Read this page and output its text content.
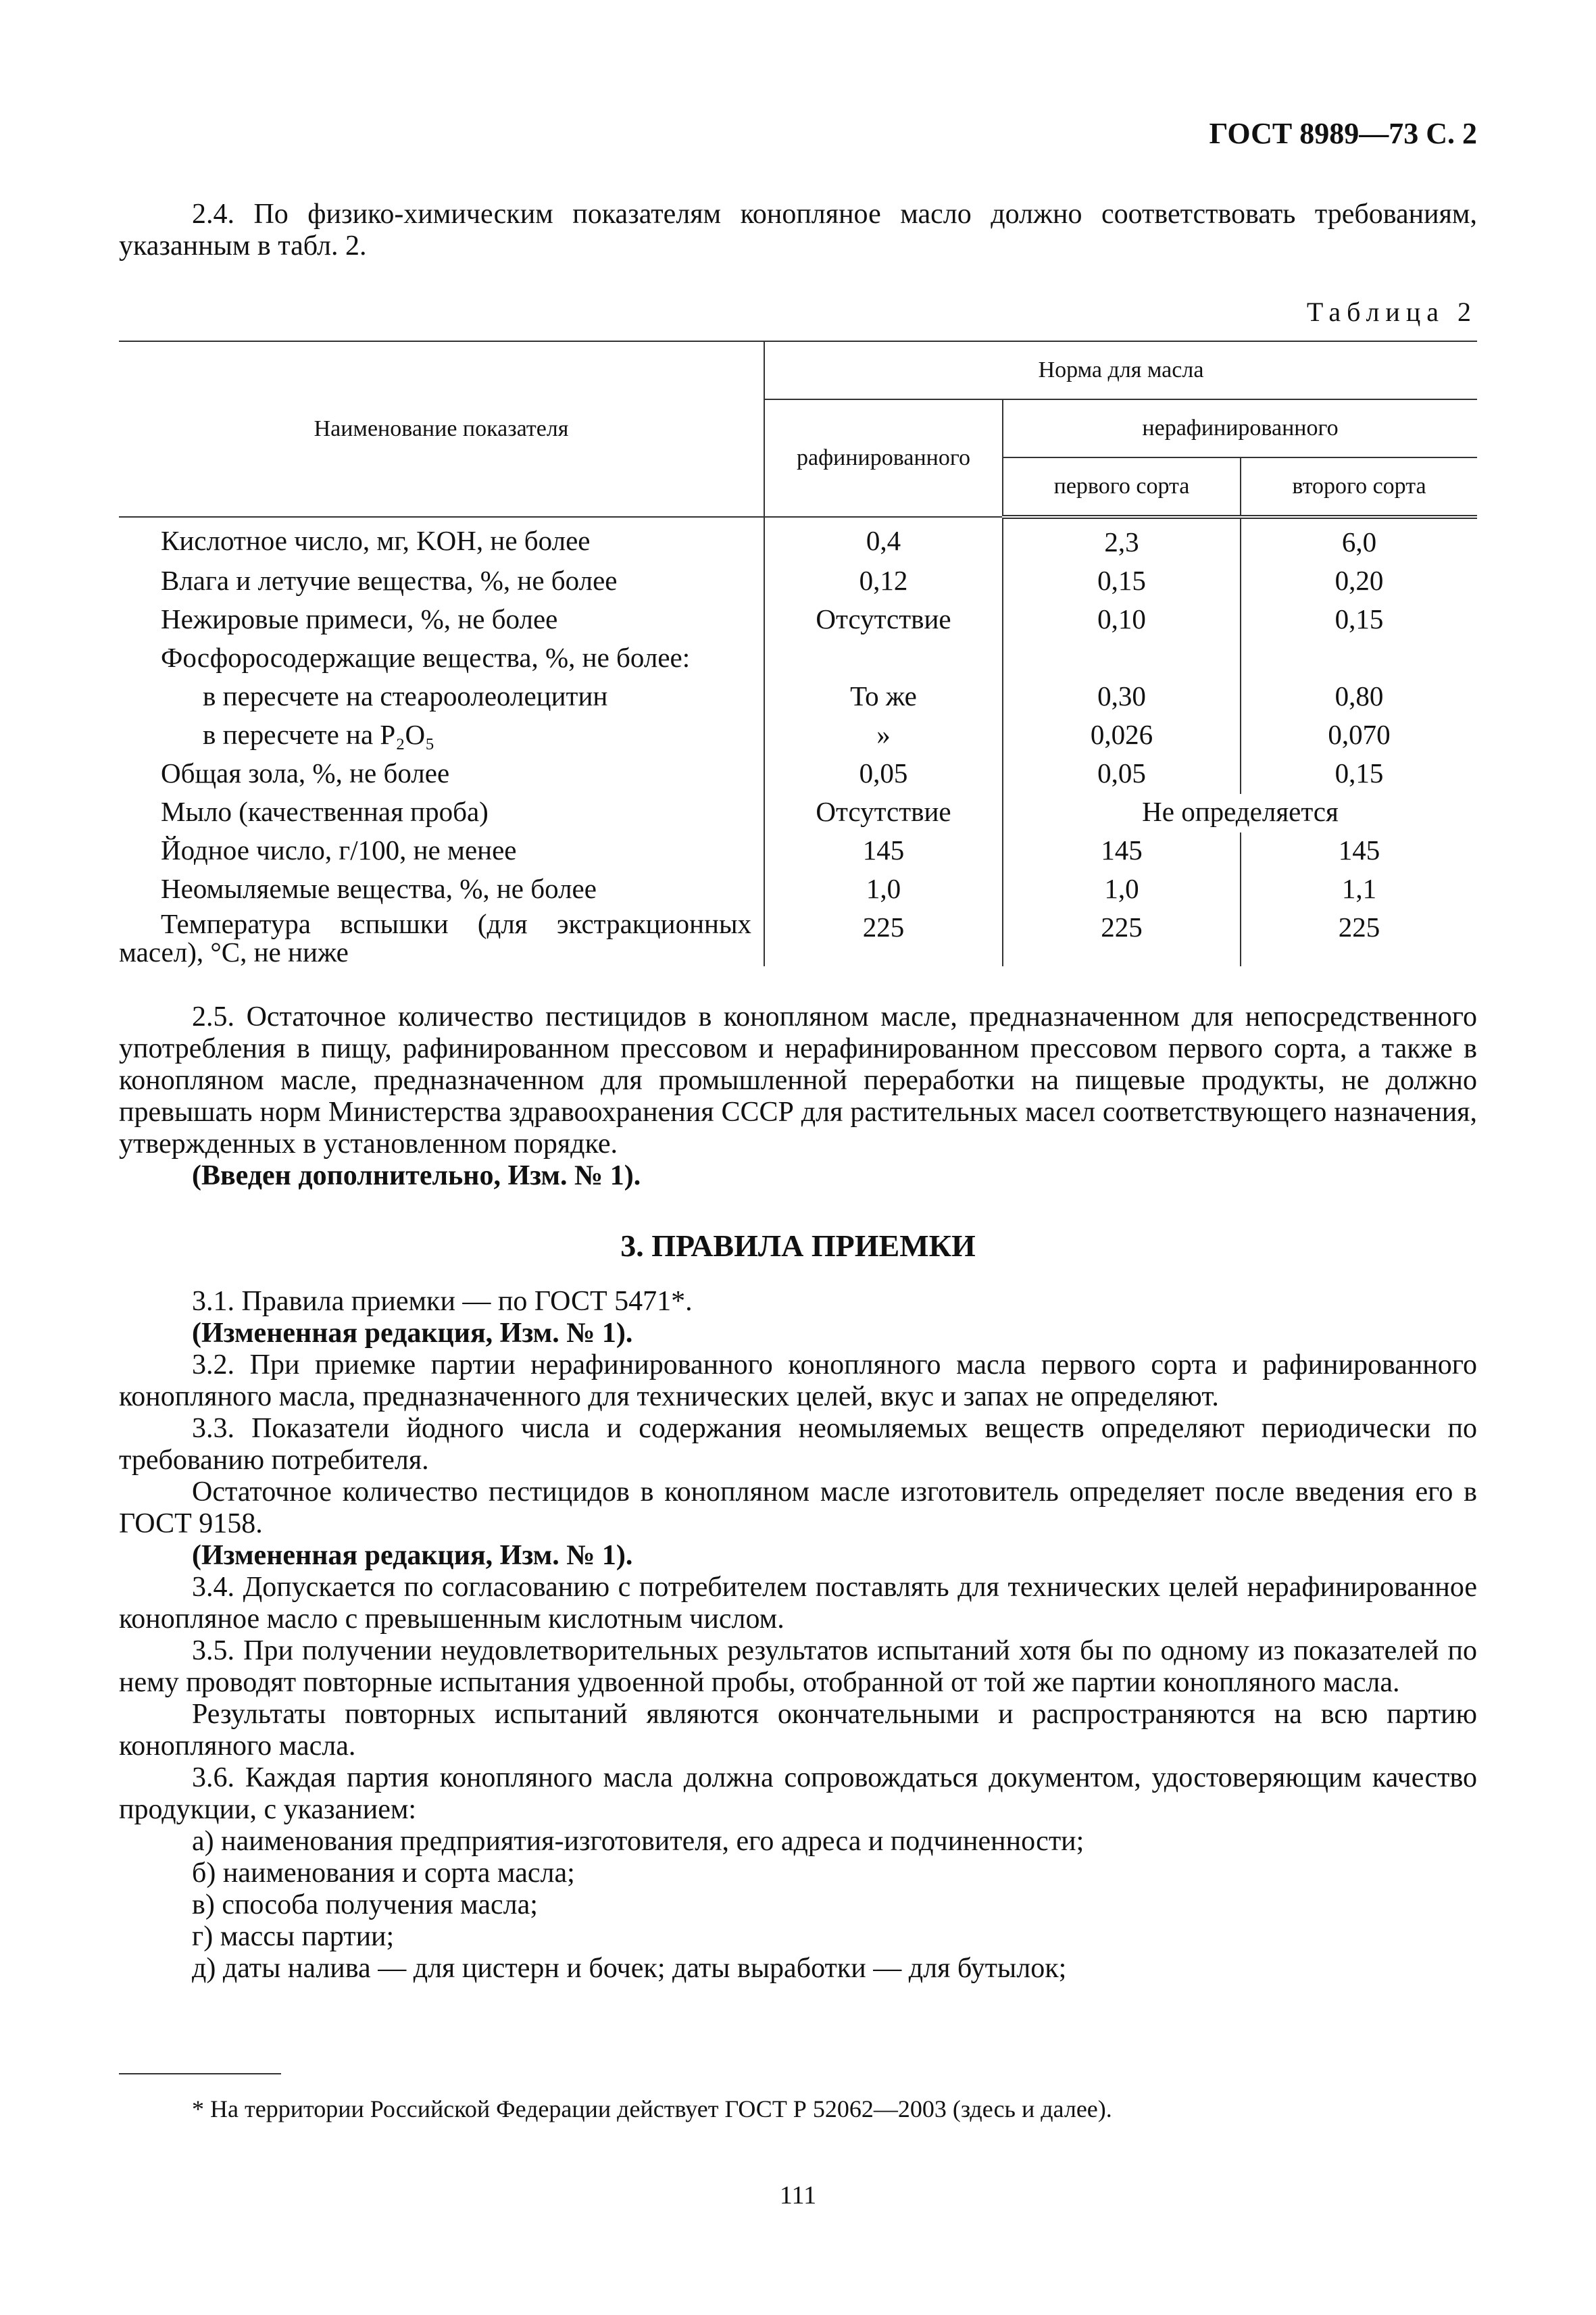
ГОСТ 8989—73 С. 2

2.4. По физико-химическим показателям конопляное масло должно соответствовать требованиям, указанным в табл. 2.

Таблица 2
Наименование показателя	Норма для масла		
	рафинированного	нерафинированного	
		первого сорта	второго сорта
Кислотное число, мг, KOH, не более	0,4	2,3	6,0
Влага и летучие вещества, %, не более	0,12	0,15	0,20
Нежировые примеси, %, не более	Отсутствие	0,10	0,15
Фосфоросодержащие вещества, %, не более:			
в пересчете на стеароолеолецитин	То же	0,30	0,80
в пересчете на P₂O₅	»	0,026	0,070
Общая зола, %, не более	0,05	0,05	0,15
Мыло (качественная проба)	Отсутствие	Не определяется	
Йодное число, г/100, не менее	145	145	145
Неомыляемые вещества, %, не более	1,0	1,0	1,1
Температура вспышки (для экстракционных масел), °С, не ниже	225	225	225

2.5. Остаточное количество пестицидов в конопляном масле, предназначенном для непосредственного употребления в пищу, рафинированном прессовом и нерафинированном прессовом первого сорта, а также в конопляном масле, предназначенном для промышленной переработки на пищевые продукты, не должно превышать норм Министерства здравоохранения СССР для растительных масел соответствующего назначения, утвержденных в установленном порядке.

(Введен дополнительно, Изм. № 1).

3. ПРАВИЛА ПРИЕМКИ

3.1. Правила приемки — по ГОСТ 5471*.

(Измененная редакция, Изм. № 1).

3.2. При приемке партии нерафинированного конопляного масла первого сорта и рафинированного конопляного масла, предназначенного для технических целей, вкус и запах не определяют.

3.3. Показатели йодного числа и содержания неомыляемых веществ определяют периодически по требованию потребителя.

Остаточное количество пестицидов в конопляном масле изготовитель определяет после введения его в ГОСТ 9158.

(Измененная редакция, Изм. № 1).

3.4. Допускается по согласованию с потребителем поставлять для технических целей нерафинированное конопляное масло с превышенным кислотным числом.

3.5. При получении неудовлетворительных результатов испытаний хотя бы по одному из показателей по нему проводят повторные испытания удвоенной пробы, отобранной от той же партии конопляного масла.

Результаты повторных испытаний являются окончательными и распространяются на всю партию конопляного масла.

3.6. Каждая партия конопляного масла должна сопровождаться документом, удостоверяющим качество продукции, с указанием:

а) наименования предприятия-изготовителя, его адреса и подчиненности;

б) наименования и сорта масла;

в) способа получения масла;

г) массы партии;

д) даты налива — для цистерн и бочек; даты выработки — для бутылок;

* На территории Российской Федерации действует ГОСТ Р 52062—2003 (здесь и далее).
111
